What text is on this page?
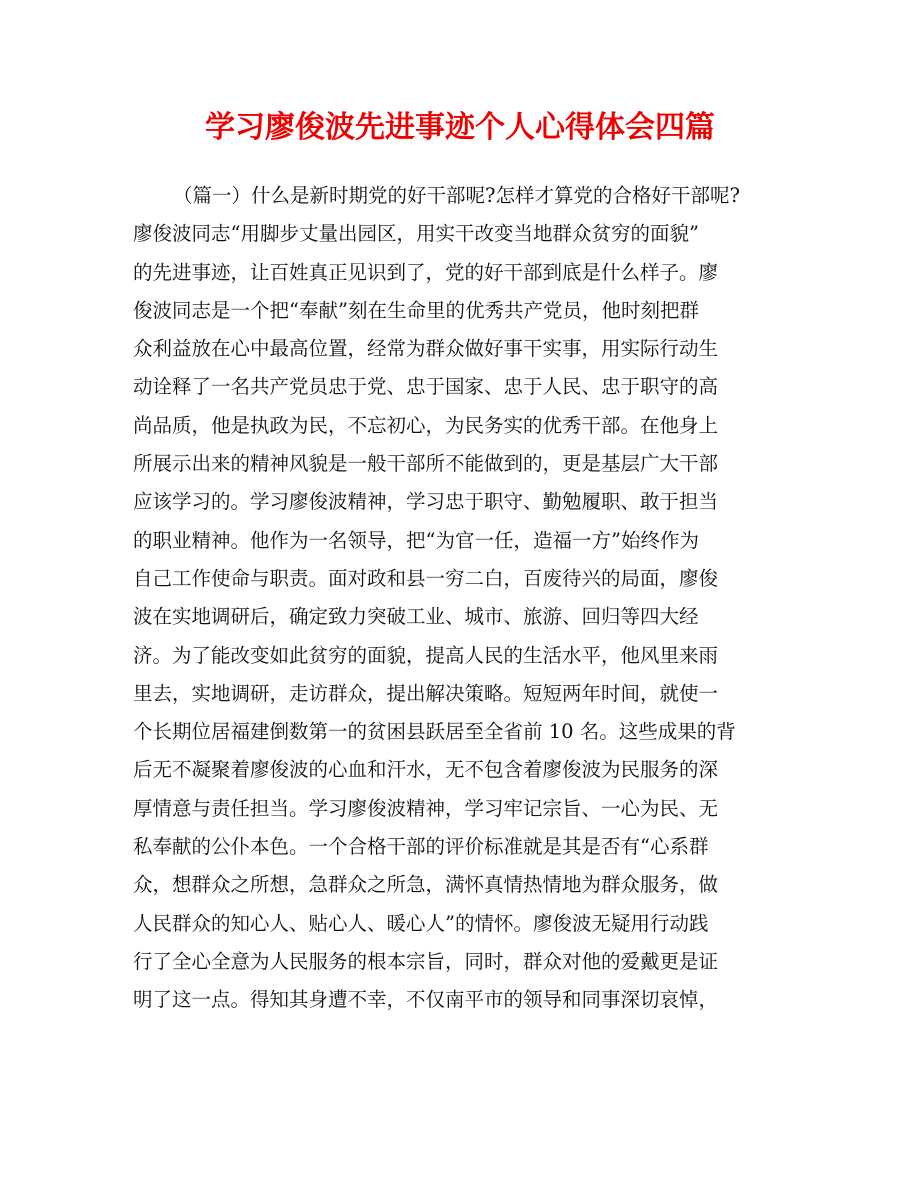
学习廖俊波先进事迹个人心得体会四篇
（篇一）什么是新时期党的好干部呢?怎样才算党的合格好干部呢?
廖俊波同志“用脚步丈量出园区，用实干改变当地群众贫穷的面貌”
的先进事迹，让百姓真正见识到了，党的好干部到底是什么样子。廖
俊波同志是一个把“奉献”刻在生命里的优秀共产党员，他时刻把群
众利益放在心中最高位置，经常为群众做好事干实事，用实际行动生
动诠释了一名共产党员忠于党、忠于国家、忠于人民、忠于职守的高
尚品质，他是执政为民，不忘初心，为民务实的优秀干部。在他身上
所展示出来的精神风貌是一般干部所不能做到的，更是基层广大干部
应该学习的。学习廖俊波精神，学习忠于职守、勤勉履职、敢于担当
的职业精神。他作为一名领导，把“为官一任，造福一方”始终作为
自己工作使命与职责。面对政和县一穷二白，百废待兴的局面，廖俊
波在实地调研后，确定致力突破工业、城市、旅游、回归等四大经
济。为了能改变如此贫穷的面貌，提高人民的生活水平，他风里来雨
里去，实地调研，走访群众，提出解决策略。短短两年时间，就使一
个长期位居福建倒数第一的贫困县跃居至全省前 10 名。这些成果的背
后无不凝聚着廖俊波的心血和汗水，无不包含着廖俊波为民服务的深
厚情意与责任担当。学习廖俊波精神，学习牢记宗旨、一心为民、无
私奉献的公仆本色。一个合格干部的评价标准就是其是否有“心系群
众，想群众之所想，急群众之所急，满怀真情热情地为群众服务，做
人民群众的知心人、贴心人、暖心人”的情怀。廖俊波无疑用行动践
行了全心全意为人民服务的根本宗旨，同时，群众对他的爱戴更是证
明了这一点。得知其身遭不幸，不仅南平市的领导和同事深切哀悼，
